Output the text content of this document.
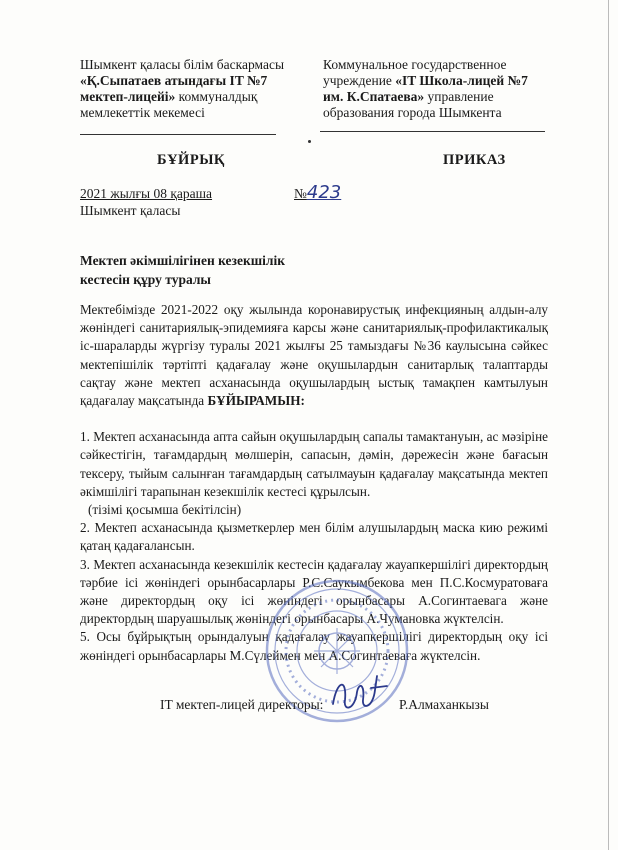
Шымкент қаласы білім баскармасы
«Қ.Сыпатаев атындағы IT №7
мектеп-лицейі» коммуналдық
мемлекеттік мекемесі
Коммунальное государственное
учреждение «IT Школа-лицей №7
им. К.Спатаева» управление
образования города Шымкента
БҰЙРЫҚ	ПРИКАЗ
2021 жылғы 08 қараша	№423
Шымкент қаласы
Мектеп әкімшілігінен кезекшілік
кестесін құру туралы

Мектебімізде 2021-2022 оқу жылында коронавирустық инфекцияның алдын-алу жөніндегі санитариялық-эпидемияға карсы және санитариялық-профилактикалық іс-шараларды жүргізу туралы 2021 жылғы 25 тамыздағы №36 каулысына сәйкес мектепішілік тәртіпті қадағалау және оқушылардын санитарлық талаптарды сақтау және мектеп асханасында оқушылардың ыстық тамақпен камтылуын қадағалау мақсатында БҰЙЫРАМЫН:

1. Мектеп асханасында апта сайын оқушылардың сапалы тамактануын, ас мәзіріне сәйкестігін, тағамдардың мөлшерін, сапасын, дәмін, дәрежесін және бағасын тексеру, тыйым салынған тағамдардың сатылмауын қадағалау мақсатында мектеп әкімшілігі тарапынан кезекшілік кестесі құрылсын.

(тізімі қосымша бекітілсін)

2. Мектеп асханасында қызметкерлер мен білім алушылардың маска кию режимі қатаң қадағалансын.

3. Мектеп асханасында кезекшілік кестесін қадағалау жауапкершілігі директордың тәрбие ісі жөніндегі орынбасарлары Р.С.Саукымбекова мен П.С.Космуратоваға және директордың оқу ісі жөніндегі орынбасары А.Согинтаевага және директордың шаруашылық жөніндегі орынбасары А.Чумановка жүктелсін.

5. Осы бұйрықтың орындалуын қадағалау жауапкершілігі директордың оқу ісі жөніндегі орынбасарлары М.Сүлеймен мен А.Согинтаеваға жүктелсін.

IT мектеп-лицей директоры:	Р.Алмаханкызы
